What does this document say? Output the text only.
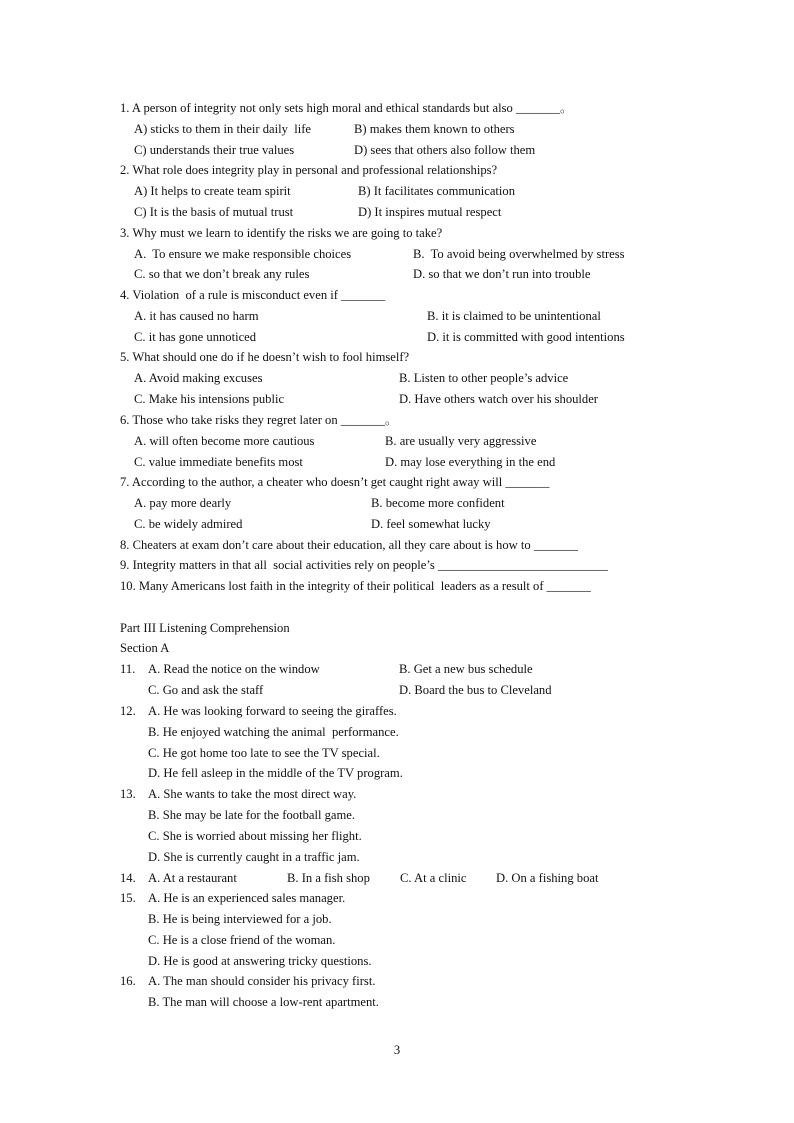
1. A person of integrity not only sets high moral and ethical standards but also _______。
A) sticks to them in their daily  life	B) makes them known to others
C) understands their true values	D) sees that others also follow them
2. What role does integrity play in personal and professional relationships?
A) It helps to create team spirit	B) It facilitates communication
C) It is the basis of mutual trust	D) It inspires mutual respect
3. Why must we learn to identify the risks we are going to take?
A.  To ensure we make responsible choices	B.  To avoid being overwhelmed by stress
C. so that we don’t break any rules	D. so that we don’t run into trouble
4. Violation  of a rule is misconduct even if _______
A. it has caused no harm	B. it is claimed to be unintentional
C. it has gone unnoticed	D. it is committed with good intentions
5. What should one do if he doesn’t wish to fool himself?
A. Avoid making excuses	B. Listen to other people’s advice
C. Make his intensions public	D. Have others watch over his shoulder
6. Those who take risks they regret later on _______。
A. will often become more cautious	B. are usually very aggressive
C. value immediate benefits most	D. may lose everything in the end
7. According to the author, a cheater who doesn’t get caught right away will _______
A. pay more dearly	B. become more confident
C. be widely admired	D. feel somewhat lucky
8. Cheaters at exam don’t care about their education, all they care about is how to _______
9. Integrity matters in that all  social activities rely on people’s ___________________________
10. Many Americans lost faith in the integrity of their political  leaders as a result of _______
Part III Listening Comprehension
Section A
11. A. Read the notice on the window	B. Get a new bus schedule
C. Go and ask the staff	D. Board the bus to Cleveland
12. A. He was looking forward to seeing the giraffes.
B. He enjoyed watching the animal  performance.
C. He got home too late to see the TV special.
D. He fell asleep in the middle of the TV program.
13. A. She wants to take the most direct way.
B. She may be late for the football game.
C. She is worried about missing her flight.
D. She is currently caught in a traffic jam.
14. A. At a restaurant	B. In a fish shop C. At a clinic D. On a fishing boat
15. A. He is an experienced sales manager.
B. He is being interviewed for a job.
C. He is a close friend of the woman.
D. He is good at answering tricky questions.
16. A. The man should consider his privacy first.
B. The man will choose a low-rent apartment.
3
